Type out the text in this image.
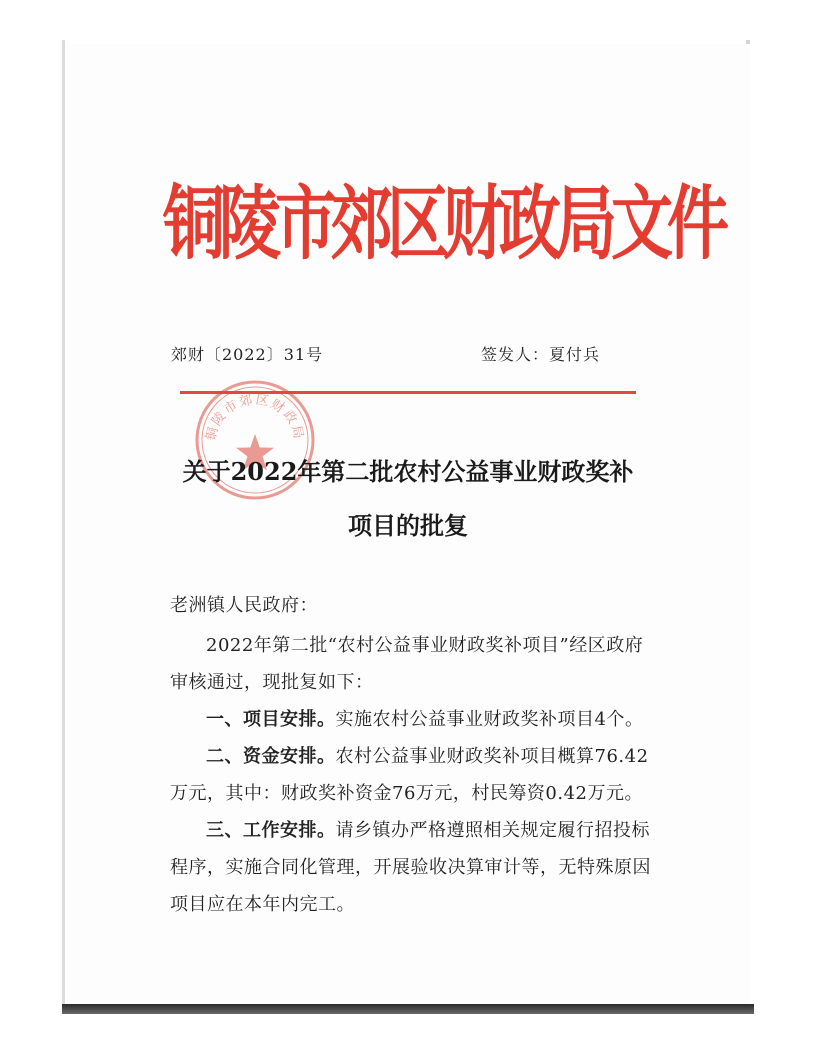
铜陵市郊区财政局文件
郊财〔2022〕31号	签发人：夏付兵
铜陵市郊区财政局
关于2022年第二批农村公益事业财政奖补
项目的批复
老洲镇人民政府：
2022年第二批“农村公益事业财政奖补项目”经区政府
审核通过，现批复如下：
一、项目安排。实施农村公益事业财政奖补项目4个。
二、资金安排。农村公益事业财政奖补项目概算76.42
万元，其中：财政奖补资金76万元，村民筹资0.42万元。
三、工作安排。请乡镇办严格遵照相关规定履行招投标
程序，实施合同化管理，开展验收决算审计等，无特殊原因
项目应在本年内完工。
